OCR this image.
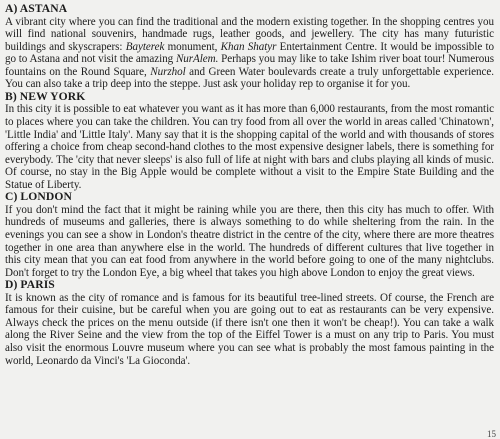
A) ASTANA

A vibrant city where you can find the traditional and the modern existing together. In the shopping centres you will find national souvenirs, handmade rugs, leather goods, and jewellery. The city has many futuristic buildings and skyscrapers: Bayterek monument, Khan Shatyr Entertainment Centre. It would be impossible to go to Astana and not visit the amazing NurAlem. Perhaps you may like to take Ishim river boat tour! Numerous fountains on the Round Square, Nurzhol and Green Water boulevards create a truly unforgettable experience. You can also take a trip deep into the steppe. Just ask your holiday rep to organise it for you.

B) NEW YORK

In this city it is possible to eat whatever you want as it has more than 6,000 restaurants, from the most romantic to places where you can take the children. You can try food from all over the world in areas called 'Chinatown', 'Little India' and 'Little Italy'. Many say that it is the shopping capital of the world and with thousands of stores offering a choice from cheap second-hand clothes to the most expensive designer labels, there is something for everybody. The 'city that never sleeps' is also full of life at night with bars and clubs playing all kinds of music. Of course, no stay in the Big Apple would be complete without a visit to the Empire State Building and the Statue of Liberty.

C) LONDON

If you don't mind the fact that it might be raining while you are there, then this city has much to offer. With hundreds of museums and galleries, there is always something to do while sheltering from the rain. In the evenings you can see a show in London's theatre district in the centre of the city, where there are more theatres together in one area than anywhere else in the world. The hundreds of different cultures that live together in this city mean that you can eat food from anywhere in the world before going to one of the many nightclubs. Don't forget to try the London Eye, a big wheel that takes you high above London to enjoy the great views.

D) PARIS

It is known as the city of romance and is famous for its beautiful tree-lined streets. Of course, the French are famous for their cuisine, but be careful when you are going out to eat as restaurants can be very expensive. Always check the prices on the menu outside (if there isn't one then it won't be cheap!). You can take a walk along the River Seine and the view from the top of the Eiffel Tower is a must on any trip to Paris. You must also visit the enormous Louvre museum where you can see what is probably the most famous painting in the world, Leonardo da Vinci's 'La Gioconda'.

15
